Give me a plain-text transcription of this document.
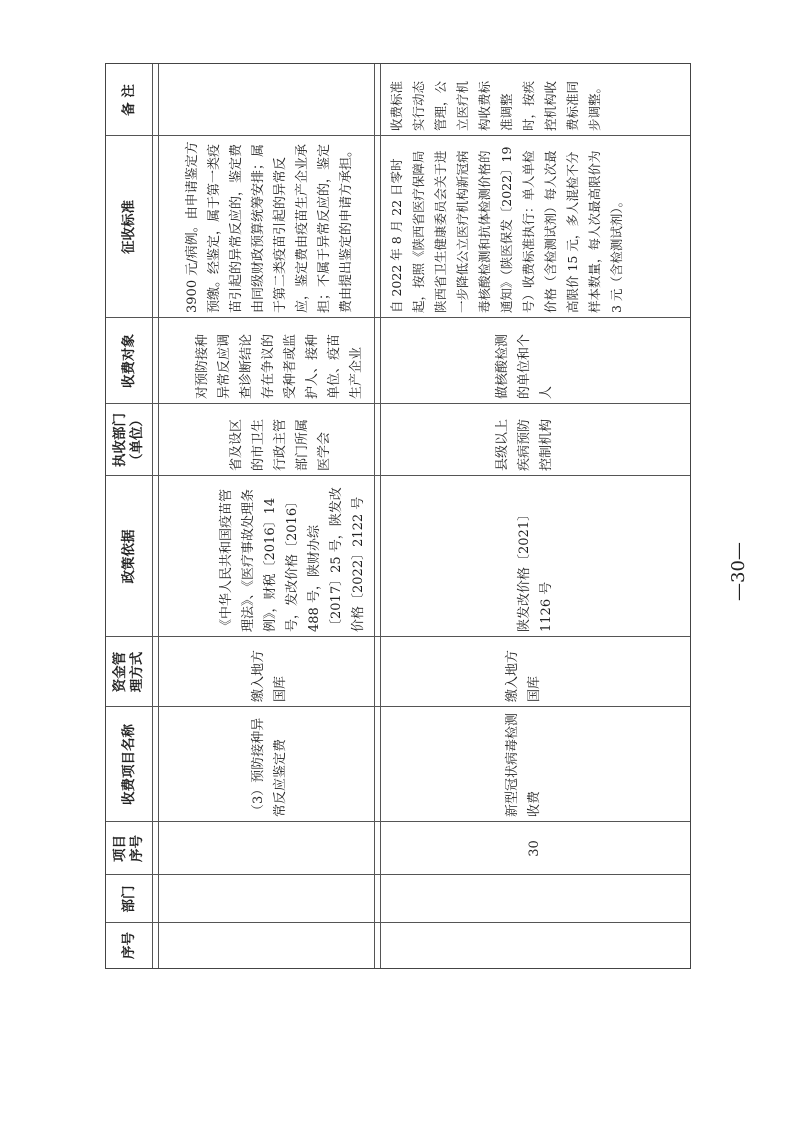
序号
部门
项目序号
收费项目名称
资金管理方式
政策依据
执收部门（单位）
收费对象
征收标准
备 注
（3）预防接种异常反应鉴定费
缴入地方国库
《中华人民共和国疫苗管理法》、《医疗事故处理条例》，财税〔2016〕14 号，发改价格〔2016〕488 号，陕财办综〔2017〕25 号，陕发改价格〔2022〕2122 号
省及设区的市卫生行政主管部门所属医学会
对预防接种异常反应调查诊断结论存在争议的受种者或监护人、接种单位、疫苗生产企业
3900 元/病例。由申请鉴定方预缴。经鉴定，属于第一类疫苗引起的异常反应的，鉴定费由同级财政预算统筹安排；属于第二类疫苗引起的异常反应，鉴定费由疫苗生产企业承担；不属于异常反应的，鉴定费由提出鉴定的申请方承担。
30
新型冠状病毒检测收费
缴入地方国库
陕发改价格〔2021〕1126 号
县级以上疾病预防控制机构
做核酸检测的单位和个人
自 2022 年 8 月 22 日零时起，按照《陕西省医疗保障局 陕西省卫生健康委员会关于进一步降低公立医疗机构新冠病毒核酸检测和抗体检测价格的通知》（陕医保发〔2022〕19 号）收费标准执行：单人单检价格（含检测试剂）每人次最高限价 15 元，多人混检不分样本数量，每人次最高限价为 3 元（含检测试剂）。
收费标准实行动态管理，公立医疗机构收费标准调整时，按疾控机构收费标准同步调整。
—30—
